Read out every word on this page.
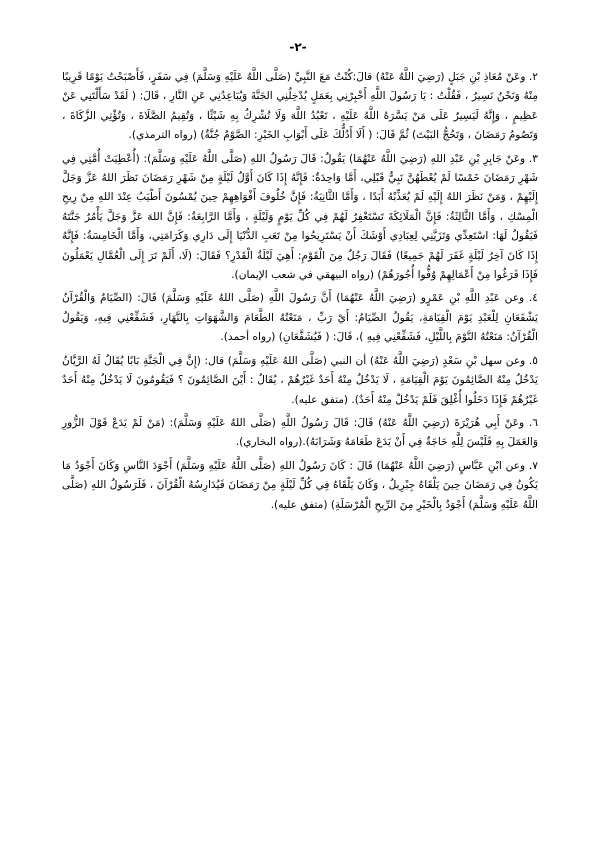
-٢-

٢. وعَنْ مُعَاذِ بْنِ جَبَلٍ (رَضِيَ اللَّهُ عَنْهُ) قالَ:كُنْتُ مَعَ النَّبِيِّ (صَلَّى اللَّهُ عَلَيْهِ وَسَلَّمَ) فِي سَفَرٍ، فَأَصْبَحْتُ يَوْمًا قَرِيبًا مِنْهُ وَنَحْنُ نَسِيرُ ، فَقُلْتُ : يَا رَسُولَ اللَّهِ أَخْبِرْنِي بِعَمَلٍ يُدْخِلُنِي الجَنَّةَ وَيُبَاعِدُنِي عَنِ النَّارِ ، قَالَ: ( لَقَدْ سَأَلْتَنِي عَنْ عَظِيمٍ ، وَإِنَّهُ لَيَسِيرٌ عَلَى مَنْ يَسَّرَهُ اللَّهُ عَلَيْهِ ، تَعْبُدُ اللَّهَ وَلَا تُشْرِكُ بِهِ شَيْئًا ، وَتُقِيمُ الصَّلَاةَ ، وَتُؤْتِي الزَّكَاةَ ، وَتَصُومُ رَمَضَانَ ، وَتَحُجُّ البَيْتَ) ثُمَّ قَالَ: ( أَلَا أَدُلُّكَ عَلَى أَبْوَابِ الخَيْرِ: الصَّوْمُ جُنَّةٌ) (رواه الترمذي).

٣. وعَنْ جَابِرِ بْنِ عَبْدِ اللهِ (رَضِيَ اللَّهُ عَنْهُمَا) يَقُولُ: قَالَ رَسُولُ اللهِ (صَلَّى اللَّهُ عَلَيْهِ وَسَلَّمَ): (أُعْطِيَتْ أُمَّتِي فِي شَهْرِ رَمَضَانَ خَمْسًا لَمْ يُعْطَهُنَّ نَبِيٌّ قَبْلِي، أَمَّا وَاحِدَةٌ: فَإِنَّهُ إِذَا كَانَ أَوَّلُ لَيْلَةٍ مِنْ شَهْرِ رَمَضَانَ نَظَرَ اللهُ عَزَّ وَجَلَّ إِلَيْهِمْ ، وَمَنْ نَظَرَ اللهُ إِلَيْهِ لَمْ يُعَذِّبْهُ أَبَدًا ، وَأَمَّا الثَّانِيَةُ: فَإِنَّ خُلُوفَ أَفْوَاهِهِمْ حِينَ يُمْسُونَ أَطْيَبُ عِنْدَ اللهِ مِنْ رِيحِ الْمِسْكِ ، وَأَمَّا الثَّالِثَةُ: فَإِنَّ الْمَلَائِكَةَ تَسْتَغْفِرُ لَهُمْ فِي كُلِّ يَوْمٍ وَلَيْلَةٍ ، وَأَمَّا الرَّابِعَةُ: فَإِنَّ اللهَ عَزَّ وَجَلَّ يَأْمُرُ جَنَّتَهُ فَيَقُولُ لَهَا: اسْتَعِدِّي وَتَزَيَّنِي لِعِبَادِي أَوْشَكَ أَنْ يَسْتَرِيحُوا مِنْ تَعَبِ الدُّنْيَا إِلَى دَارِي وَكَرَامَتِي، وَأَمَّا الْخَامِسَةُ: فَإِنَّهُ إِذَا كَانَ آخِرُ لَيْلَةٍ غَفَرَ لَهُمْ جَمِيعًا) فَقَالَ رَجُلٌ مِنَ الْقَوْمِ: أَهِيَ لَيْلَةُ الْقَدْرِ؟ فَقَالَ: (لَا، أَلَمْ تَرَ إِلَى الْعُمَّالِ يَعْمَلُونَ فَإِذَا فَرَغُوا مِنْ أَعْمَالِهِمْ وُفُّوا أُجُورَهُمْ) (رواه البيهقي في شعب الإيمان).

٤. وعن عَبْدِ اللَّهِ بْنِ عَمْرٍو (رَضِيَ اللَّهُ عَنْهُمَا) أَنَّ رَسُولَ اللَّهِ (صَلَّى اللهُ عَلَيْهِ وَسَلَّمَ) قَالَ: (الصِّيَامُ وَالْقُرْآنُ يَشْفَعَانِ لِلْعَبْدِ يَوْمَ الْقِيَامَةِ، يَقُولُ الصِّيَامُ: أَيْ رَبِّ ، مَنَعْتُهُ الطَّعَامَ وَالشَّهَوَاتِ بِالنَّهَارِ، فَشَفِّعْنِي فِيهِ، وَيَقُولُ الْقُرْآنُ: مَنَعْتُهُ النَّوْمَ بِاللَّيْلِ، فَشَفِّعْنِي فِيهِ )، قَالَ: ( فَيُشَفَّعَانِ) (رواه أحمد).

٥. وعن سهل بْنِ سَعْدٍ (رَضِيَ اللَّهُ عَنْهُ) أن النبي (صَلَّى اللهُ عَلَيْهِ وَسَلَّمَ) قال: (إِنَّ فِي الْجَنَّةِ بَابًا يُقَالُ لَهُ الرَّيَّانُ يَدْخُلُ مِنْهُ الصَّائِمُونَ يَوْمَ الْقِيَامَةِ ، لَا يَدْخُلُ مِنْهُ أَحَدٌ غَيْرُهُمْ ، يُقَالُ : أَيْنَ الصَّائِمُونَ ؟ فَيَقُومُونَ لَا يَدْخُلُ مِنْهُ أَحَدٌ غَيْرُهُمْ فَإِذَا دَخَلُوا أُغْلِقَ فَلَمْ يَدْخُلْ مِنْهُ أَحَدٌ). (متفق عليه).

٦. وعَنْ أَبِي هُرَيْرَةَ (رَضِيَ اللَّهُ عَنْهُ) قَالَ: قَالَ رَسُولُ اللَّهِ (صَلَّى اللهُ عَلَيْهِ وَسَلَّمَ): (مَنْ لَمْ يَدَعْ قَوْلَ الزُّورِ وَالعَمَلَ بِهِ فَلَيْسَ لِلَّهِ حَاجَةٌ فِي أَنْ يَدَعَ طَعَامَهُ وَشَرَابَهُ).(رواه البخاري).

٧. وعن ابْنِ عَبَّاسٍ (رَضِيَ اللَّهُ عَنْهُمَا) قَالَ : كَانَ رَسُولُ اللهِ (صَلَّى اللَّهُ عَلَيْهِ وَسَلَّمَ) أَجْوَدَ النَّاسِ وَكَانَ أَجْوَدُ مَا يَكُونُ فِي رَمَضَانَ حِينَ يَلْقَاهُ جِبْرِيلُ ، وَكَانَ يَلْقَاهُ فِي كُلِّ لَيْلَةٍ مِنْ رَمَضَانَ فَيُدَارِسُهُ الْقُرْآنَ ، فَلَرَسُولُ اللهِ (صَلَّى اللَّهُ عَلَيْهِ وَسَلَّمَ) أَجْوَدُ بِالْخَيْرِ مِنَ الرِّيحِ الْمُرْسَلَةِ) (متفق عليه).
